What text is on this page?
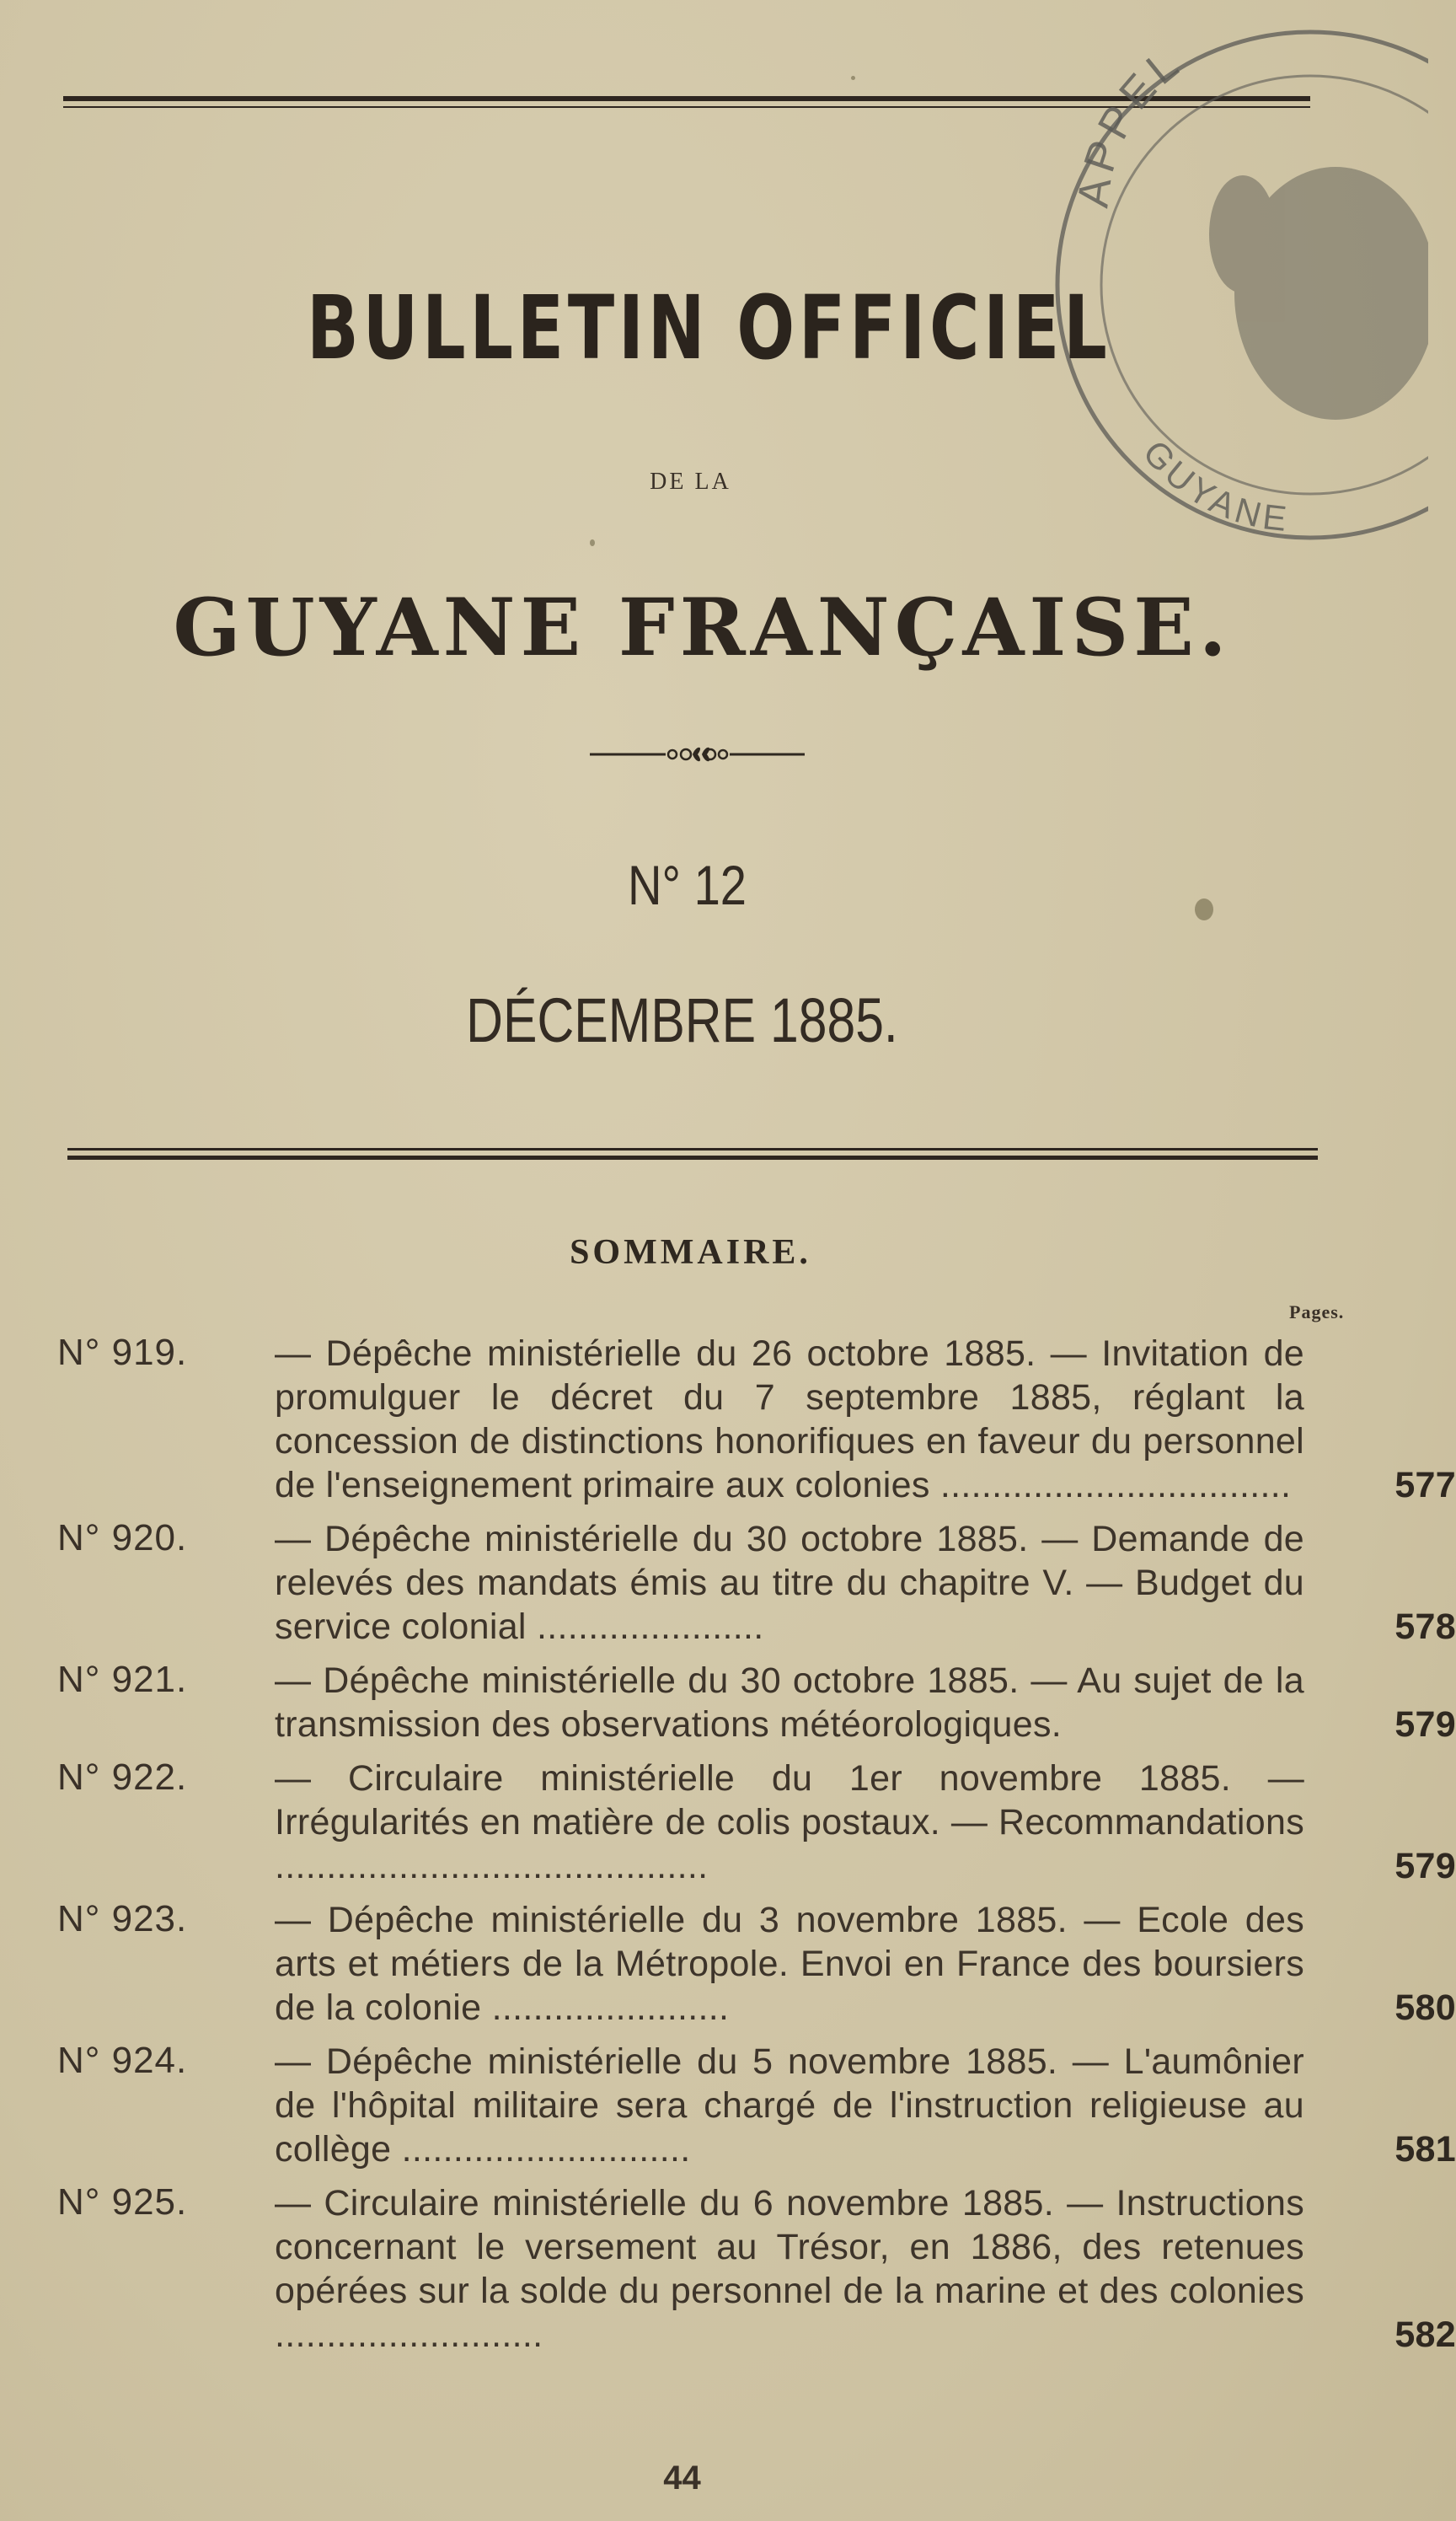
APPEL
GUYANE
BULLETIN OFFICIEL
DE LA
GUYANE FRANÇAISE.
N° 12
DÉCEMBRE 1885.
SOMMAIRE.
Pages.
N° 919. — Dépêche ministérielle du 26 octobre 1885. — Invitation de promulguer le décret du 7 septembre 1885, réglant la concession de distinctions honorifiques en faveur du personnel de l'enseignement primaire aux colonies ..................................	577
N° 920. — Dépêche ministérielle du 30 octobre 1885. — Demande de relevés des mandats émis au titre du chapitre V. — Budget du service colonial ......................	578
N° 921. — Dépêche ministérielle du 30 octobre 1885. — Au sujet de la transmission des observations météorologiques.	579
N° 922. — Circulaire ministérielle du 1er novembre 1885. — Irrégularités en matière de colis postaux. — Recommandations ..........................................	579
N° 923. — Dépêche ministérielle du 3 novembre 1885. — Ecole des arts et métiers de la Métropole. Envoi en France des boursiers de la colonie .......................	580
N° 924. — Dépêche ministérielle du 5 novembre 1885. — L'aumônier de l'hôpital militaire sera chargé de l'instruction religieuse au collège ............................	581
N° 925. — Circulaire ministérielle du 6 novembre 1885. — Instructions concernant le versement au Trésor, en 1886, des retenues opérées sur la solde du personnel de la marine et des colonies ..........................	582
44
